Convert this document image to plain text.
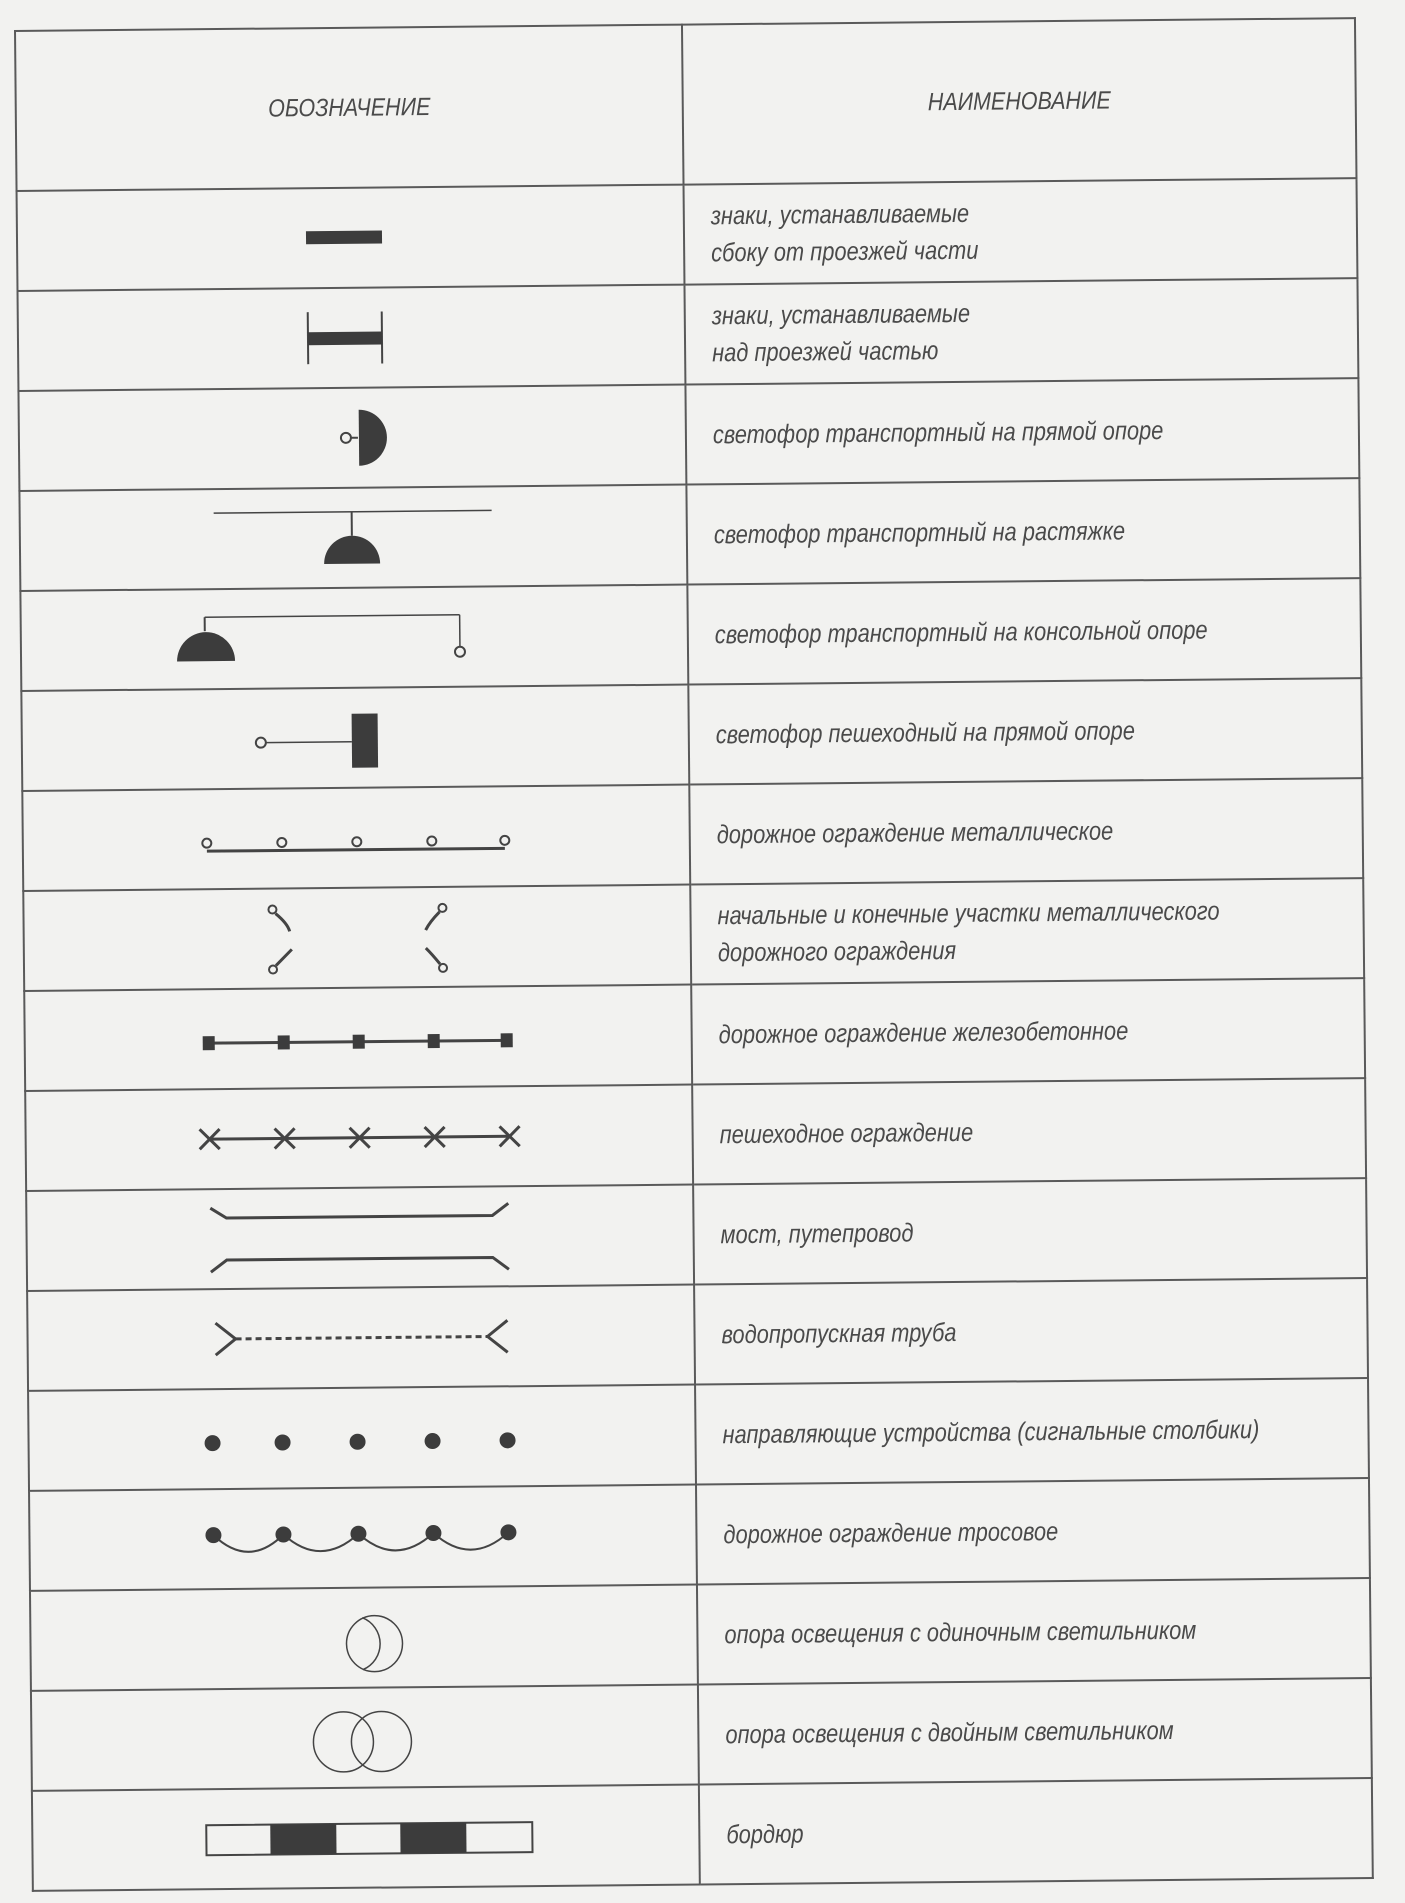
ОБОЗНАЧЕНИЕ	НАИМЕНОВАНИЕ

знаки, устанавливаемые
сбоку от проезжей части

знаки, устанавливаемые
над проезжей частью

	светофор транспортный на прямой опоре

	светофор транспортный на растяжке

	светофор транспортный на консольной опоре

	светофор пешеходный на прямой опоре

	дорожное ограждение металлическое

начальные и конечные участки металлического
дорожного ограждения

	дорожное ограждение железобетонное

	пешеходное ограждение

	мост, путепровод

	водопропускная труба

	направляющие устройства (сигнальные столбики)

	дорожное ограждение тросовое

	опора освещения с одиночным светильником

	опора освещения с двойным светильником

	бордюр
